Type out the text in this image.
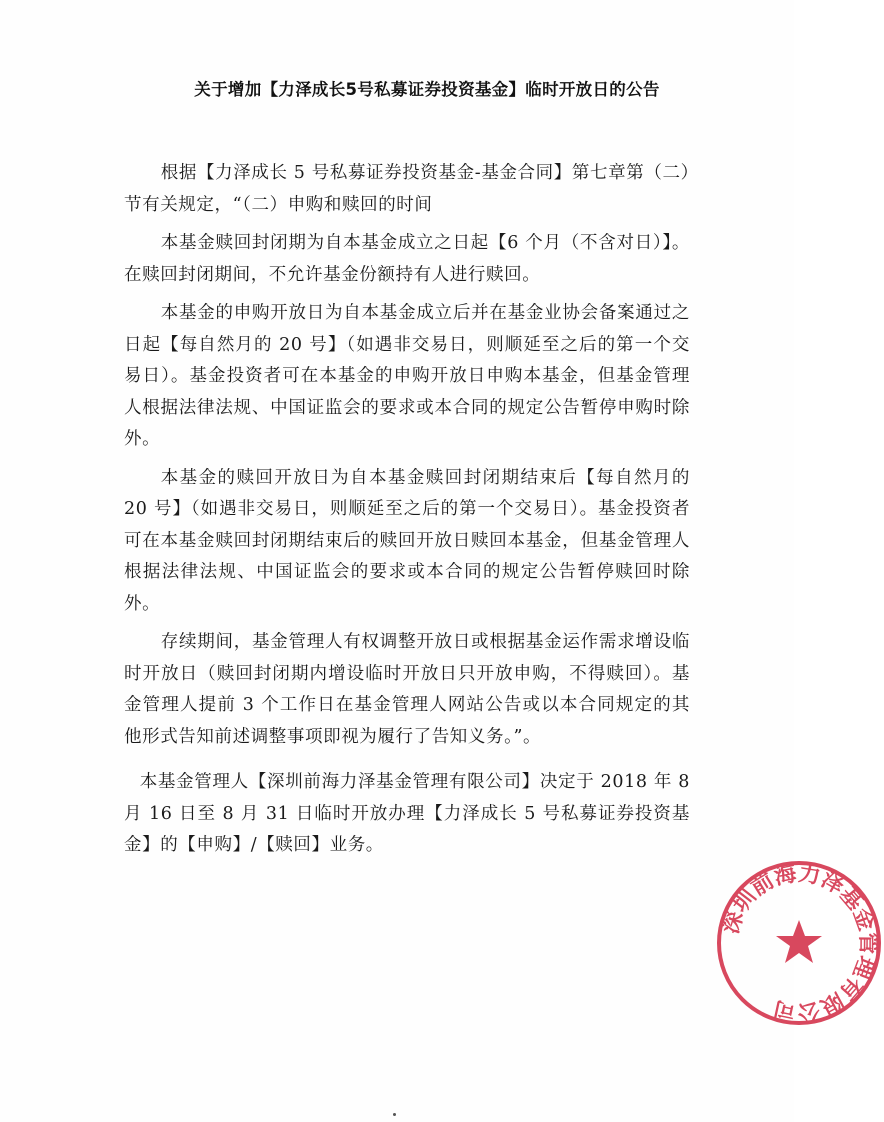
关于增加【力泽成长5号私募证券投资基金】临时开放日的公告

根据【力泽成长 5 号私募证券投资基金-基金合同】第七章第（二）节有关规定，“（二）申购和赎回的时间

本基金赎回封闭期为自本基金成立之日起【6 个月（不含对日）】。在赎回封闭期间，不允许基金份额持有人进行赎回。

本基金的申购开放日为自本基金成立后并在基金业协会备案通过之日起【每自然月的 20 号】（如遇非交易日，则顺延至之后的第一个交易日）。基金投资者可在本基金的申购开放日申购本基金，但基金管理人根据法律法规、中国证监会的要求或本合同的规定公告暂停申购时除外。

本基金的赎回开放日为自本基金赎回封闭期结束后【每自然月的 20 号】（如遇非交易日，则顺延至之后的第一个交易日）。基金投资者可在本基金赎回封闭期结束后的赎回开放日赎回本基金，但基金管理人根据法律法规、中国证监会的要求或本合同的规定公告暂停赎回时除外。

存续期间，基金管理人有权调整开放日或根据基金运作需求增设临时开放日（赎回封闭期内增设临时开放日只开放申购，不得赎回）。基金管理人提前 3 个工作日在基金管理人网站公告或以本合同规定的其他形式告知前述调整事项即视为履行了告知义务。”。

本基金管理人【深圳前海力泽基金管理有限公司】决定于 2018 年 8 月 16 日至 8 月 31 日临时开放办理【力泽成长 5 号私募证券投资基金】的【申购】/【赎回】业务。

深圳前海力泽基金管理有限公司
